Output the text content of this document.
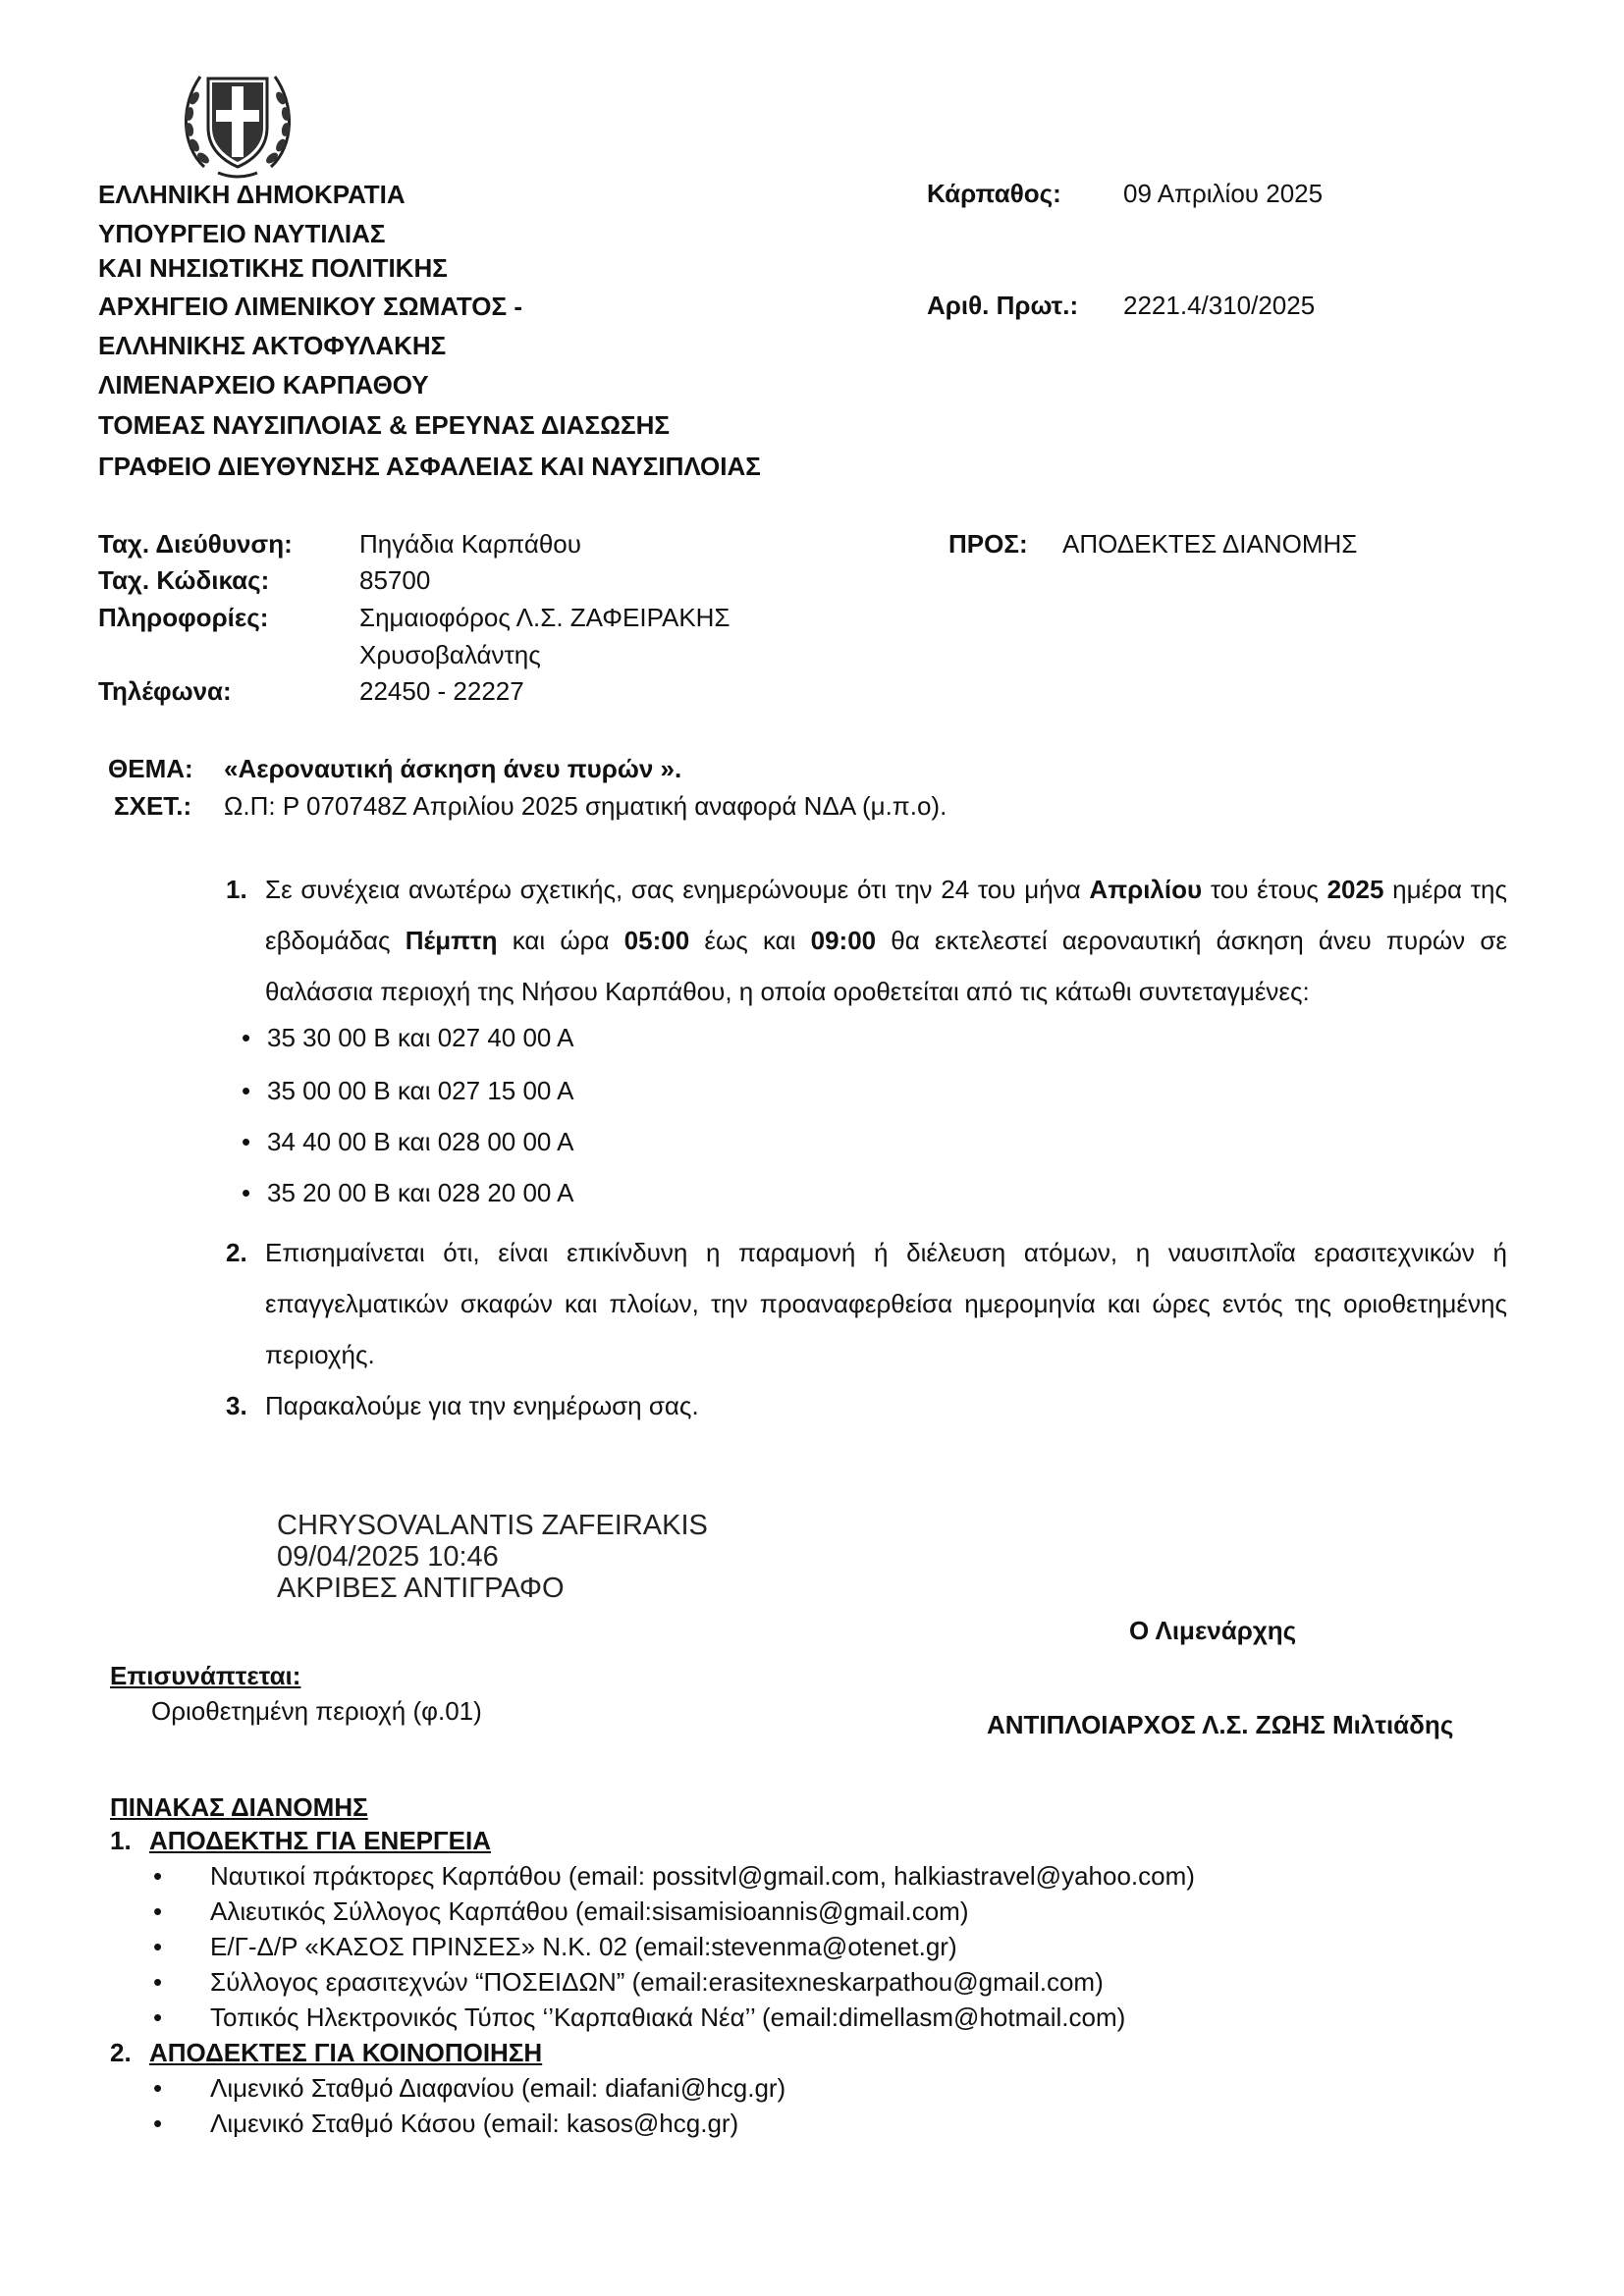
ΕΛΛΗΝΙΚΗ ΔΗΜΟΚΡΑΤΙΑ
ΥΠΟΥΡΓΕΙΟ ΝΑΥΤΙΛΙΑΣ
ΚΑΙ ΝΗΣΙΩΤΙΚΗΣ ΠΟΛΙΤΙΚΗΣ
ΑΡΧΗΓΕΙΟ ΛΙΜΕΝΙΚΟΥ ΣΩΜΑΤΟΣ -
ΕΛΛΗΝΙΚΗΣ ΑΚΤΟΦΥΛΑΚΗΣ
ΛΙΜΕΝΑΡΧΕΙΟ ΚΑΡΠΑΘΟΥ
ΤΟΜΕΑΣ ΝΑΥΣΙΠΛΟΙΑΣ & ΕΡΕΥΝΑΣ ΔΙΑΣΩΣΗΣ
ΓΡΑΦΕΙΟ ΔΙΕΥΘΥΝΣΗΣ ΑΣΦΑΛΕΙΑΣ ΚΑΙ ΝΑΥΣΙΠΛΟΙΑΣ
Κάρπαθος: 09 Απριλίου 2025
Αριθ. Πρωτ.: 2221.4/310/2025
Ταχ. Διεύθυνση:	Πηγάδια Καρπάθου
Ταχ. Κώδικας:	85700
Πληροφορίες:	Σημαιοφόρος Λ.Σ. ΖΑΦΕΙΡΑΚΗΣ
Χρυσοβαλάντης
Τηλέφωνα:	22450 - 22227
ΠΡΟΣ: ΑΠΟΔΕΚΤΕΣ ΔΙΑΝΟΜΗΣ
ΘΕΜΑ: «Αεροναυτική άσκηση άνευ πυρών ».
ΣΧΕΤ.: Ω.Π: Ρ 070748Ζ Απριλίου 2025 σηματική αναφορά ΝΔΑ (μ.π.ο).
1. Σε συνέχεια ανωτέρω σχετικής, σας ενημερώνουμε ότι την 24 του μήνα Απριλίου του έτους 2025 ημέρα της εβδομάδας Πέμπτη και ώρα 05:00 έως και 09:00 θα εκτελεστεί αεροναυτική άσκηση άνευ πυρών σε θαλάσσια περιοχή της Νήσου Καρπάθου, η οποία οροθετείται από τις κάτωθι συντεταγμένες:
• 35 30 00 Β και 027 40 00 Α
• 35 00 00 Β και 027 15 00 Α
• 34 40 00 Β και 028 00 00 Α
• 35 20 00 Β και 028 20 00 Α
2. Επισημαίνεται ότι, είναι επικίνδυνη η παραμονή ή διέλευση ατόμων, η ναυσιπλοΐα ερασιτεχνικών ή επαγγελματικών σκαφών και πλοίων, την προαναφερθείσα ημερομηνία και ώρες εντός της οριοθετημένης περιοχής.
3. Παρακαλούμε για την ενημέρωση σας.
CHRYSOVALANTIS ZAFEIRAKIS
09/04/2025 10:46
ΑΚΡΙΒΕΣ ΑΝΤΙΓΡΑΦΟ
Ο Λιμενάρχης
ΑΝΤΙΠΛΟΙΑΡΧΟΣ Λ.Σ. ΖΩΗΣ Μιλτιάδης
Επισυνάπτεται:
Οριοθετημένη περιοχή (φ.01)
ΠΙΝΑΚΑΣ ΔΙΑΝΟΜΗΣ
1. ΑΠΟΔΕΚΤΗΣ ΓΙΑ ΕΝΕΡΓΕΙΑ
• Ναυτικοί πράκτορες Καρπάθου (email: possitvl@gmail.com, halkiastravel@yahoo.com)
• Αλιευτικός Σύλλογος Καρπάθου (email:sisamisioannis@gmail.com)
• Ε/Γ-Δ/Ρ «ΚΑΣΟΣ ΠΡΙΝΣΕΣ» Ν.Κ. 02 (email:stevenma@otenet.gr)
• Σύλλογος ερασιτεχνών “ΠΟΣΕΙΔΩΝ” (email:erasitexneskarpathou@gmail.com)
• Τοπικός Ηλεκτρονικός Τύπος ‘’Καρπαθιακά Νέα’’ (email:dimellasm@hotmail.com)
2. ΑΠΟΔΕΚΤΕΣ ΓΙΑ ΚΟΙΝΟΠΟΙΗΣΗ
• Λιμενικό Σταθμό Διαφανίου (email: diafani@hcg.gr)
• Λιμενικό Σταθμό Κάσου (email: kasos@hcg.gr)
